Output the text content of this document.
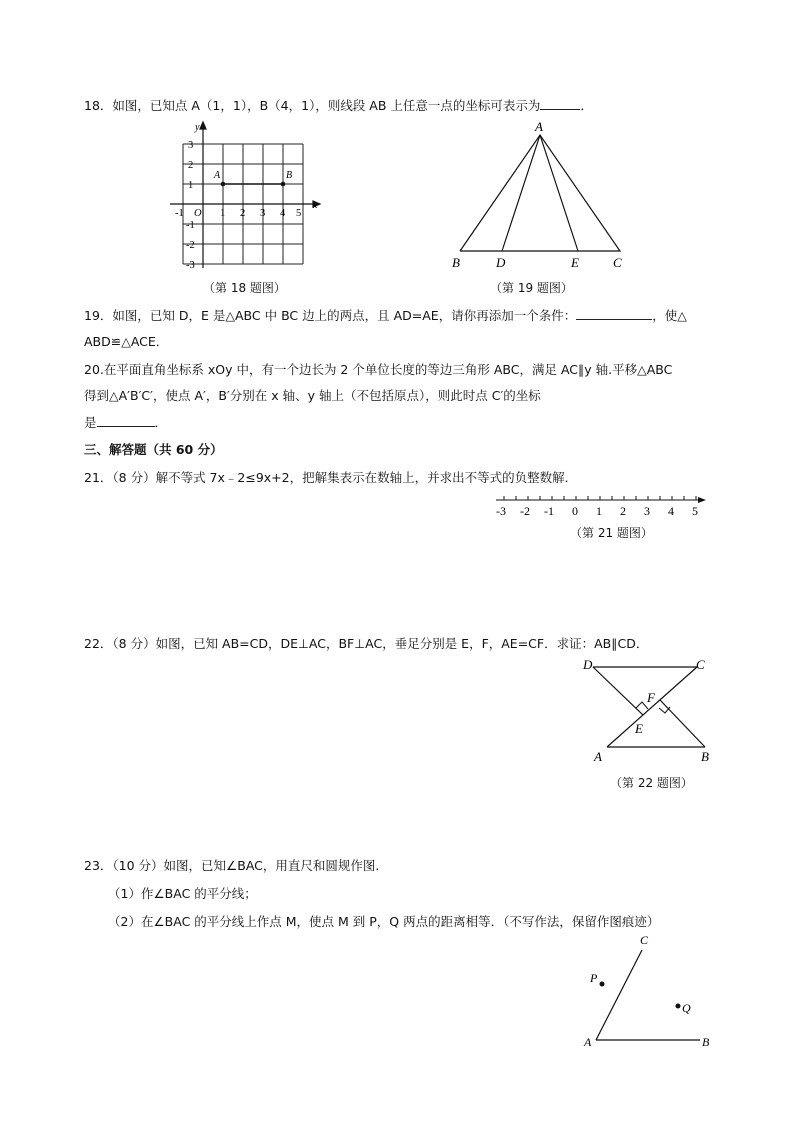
18．如图，已知点 A（1，1），B（4，1），则线段 AB 上任意一点的坐标可表示为	．
A	B
x
y
O
-1	1 2 3 4 5
3
2
1
-1
-2
-3
（第 18 题图）
A
B	D	E	C
（第 19 题图）
19．如图，已知 D，E 是△ABC 中 BC 边上的两点，且 AD=AE，请你再添加一个条件：	，使△
ABD≌△ACE．
20.在平面直角坐标系 xOy 中，有一个边长为 2 个单位长度的等边三角形 ABC，满足 AC∥y 轴.平移△ABC
得到△A′B′C′，使点 A′，B′分别在 x 轴、y 轴上（不包括原点），则此时点 C′的坐标
是	．
三、解答题（共 60 分）
21．（8 分）解不等式 7x﹣2≤9x+2，把解集表示在数轴上，并求出不等式的负整数解．
-3 -2 -1 0 1 2 3 4 5
（第 21 题图）
22．（8 分）如图，已知 AB=CD，DE⊥AC，BF⊥AC，垂足分别是 E，F，AE=CF．求证：AB∥CD．
D	C
F
E
A	B
（第 22 题图）
23．（10 分）如图，已知∠BAC，用直尺和圆规作图.
（1）作∠BAC 的平分线；
（2）在∠BAC 的平分线上作点 M，使点 M 到 P，Q 两点的距离相等．（不写作法，保留作图痕迹）
C
P
Q
A	B
